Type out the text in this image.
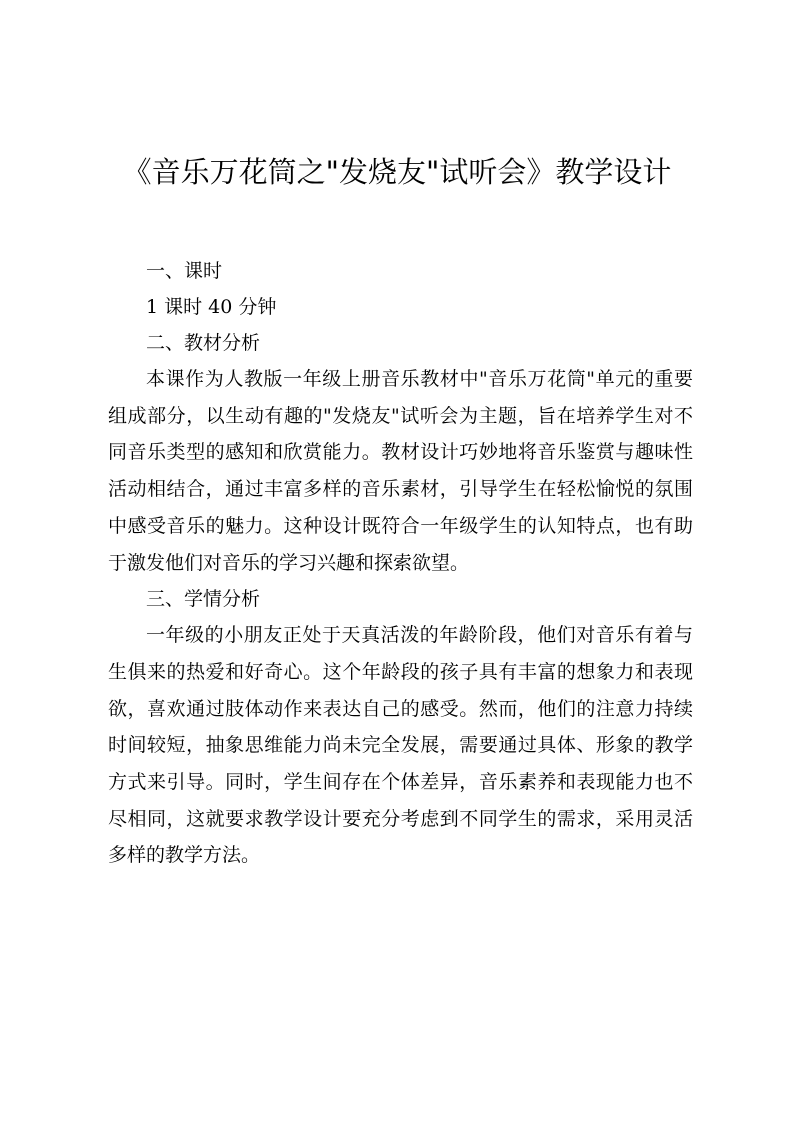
《音乐万花筒之"发烧友"试听会》教学设计
一、课时
1 课时 40 分钟
二、教材分析

本课作为人教版一年级上册音乐教材中"音乐万花筒"单元的重要组成部分，以生动有趣的"发烧友"试听会为主题，旨在培养学生对不同音乐类型的感知和欣赏能力。教材设计巧妙地将音乐鉴赏与趣味性活动相结合，通过丰富多样的音乐素材，引导学生在轻松愉悦的氛围中感受音乐的魅力。这种设计既符合一年级学生的认知特点，也有助于激发他们对音乐的学习兴趣和探索欲望。

三、学情分析

一年级的小朋友正处于天真活泼的年龄阶段，他们对音乐有着与生俱来的热爱和好奇心。这个年龄段的孩子具有丰富的想象力和表现欲，喜欢通过肢体动作来表达自己的感受。然而，他们的注意力持续时间较短，抽象思维能力尚未完全发展，需要通过具体、形象的教学方式来引导。同时，学生间存在个体差异，音乐素养和表现能力也不尽相同，这就要求教学设计要充分考虑到不同学生的需求，采用灵活多样的教学方法。
